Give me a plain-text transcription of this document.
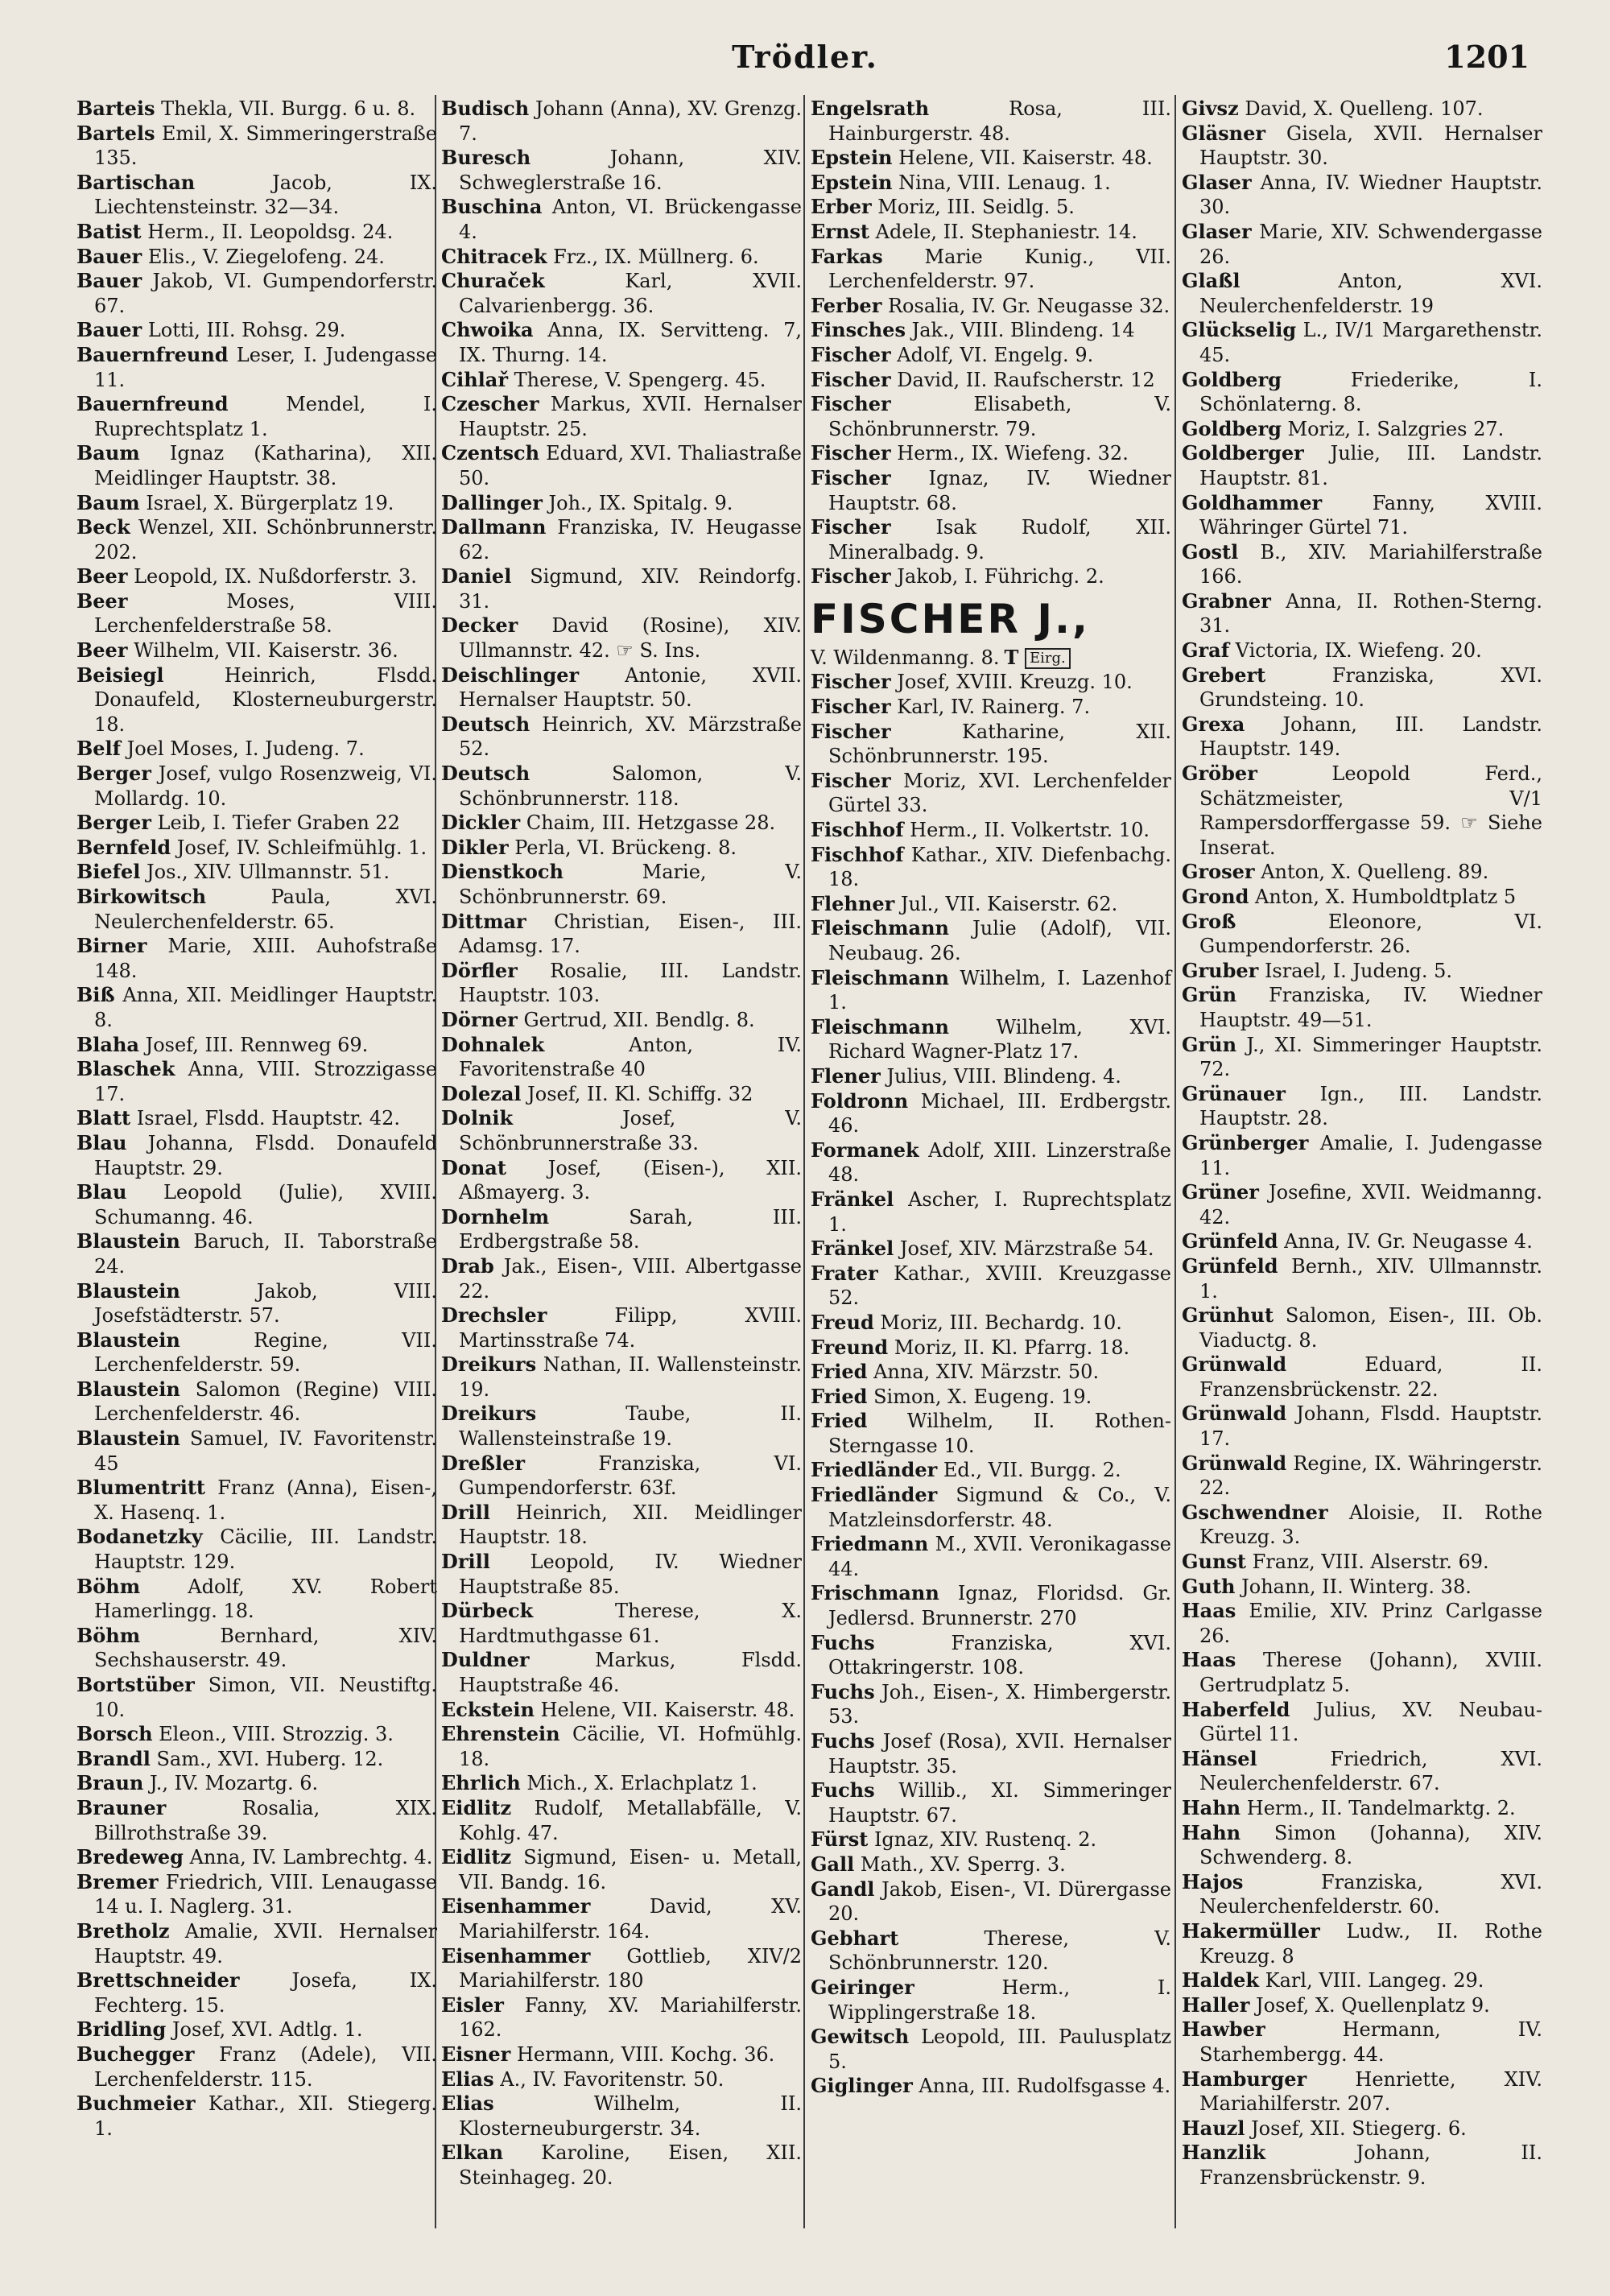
Trödler.	1201

Barteis Thekla, VII. Burgg. 6 u. 8.

Bartels Emil, X. Simmeringerstraße 135.

Bartischan	Jacob, IX. Liechtensteinstr. 32—34.

Batist Herm., II. Leopoldsg. 24.

Bauer Elis., V. Ziegelofeng. 24.

Bauer Jakob, VI. Gumpendorferstr. 67.

Bauer Lotti, III. Rohsg. 29.

Bauernfreund Leser, I. Judengasse 11.

Bauernfreund	Mendel, I. Ruprechtsplatz 1.

Baum Ignaz (Katharina), XII. Meidlinger Hauptstr. 38.

Baum Israel, X. Bürgerplatz 19.

Beck Wenzel, XII. Schönbrunnerstr. 202.

Beer Leopold, IX. Nußdorferstr. 3.

Beer	Moses, VIII. Lerchenfelderstraße 58.

Beer Wilhelm, VII. Kaiserstr. 36.

Beisiegl	Heinrich, Flsdd. Donaufeld, Klosterneuburgerstr. 18.

Belf Joel Moses, I. Judeng. 7.

Berger Josef, vulgo Rosenzweig, VI. Mollardg. 10.

Berger Leib, I. Tiefer Graben 22

Bernfeld Josef, IV. Schleifmühlg. 1.

Biefel Jos., XIV. Ullmannstr. 51.

Birkowitsch	Paula, XVI. Neulerchenfelderstr. 65.

Birner Marie, XIII. Auhofstraße 148.

Biß Anna, XII. Meidlinger Hauptstr. 8.

Blaha Josef, III. Rennweg 69.

Blaschek Anna, VIII. Strozzigasse 17.

Blatt Israel, Flsdd. Hauptstr. 42.

Blau Johanna, Flsdd. Donaufeld Hauptstr. 29.

Blau Leopold (Julie), XVIII. Schumanng. 46.

Blaustein Baruch, II. Taborstraße 24.

Blaustein	Jakob, VIII. Josefstädterstr. 57.

Blaustein	Regine, VII. Lerchenfelderstr. 59.

Blaustein Salomon (Regine) VIII. Lerchenfelderstr. 46.

Blaustein Samuel, IV. Favoritenstr. 45

Blumentritt Franz (Anna), Eisen-, X. Hasenq. 1.

Bodanetzky Cäcilie, III. Landstr. Hauptstr. 129.

Böhm Adolf, XV. Robert Hamerlingg. 18.

Böhm	Bernhard, XIV. Sechshauserstr. 49.

Bortstüber Simon, VII. Neustiftg. 10.

Borsch Eleon., VIII. Strozzig. 3.

Brandl Sam., XVI. Huberg. 12.

Braun J., IV. Mozartg. 6.

Brauner	Rosalia, XIX. Billrothstraße 39.

Bredeweg Anna, IV. Lambrechtg. 4.

Bremer Friedrich, VIII. Lenaugasse 14 u. I. Naglerg. 31.

Bretholz Amalie, XVII. Hernalser Hauptstr. 49.

Brettschneider	Josefa, IX. Fechterg. 15.

Bridling Josef, XVI. Adtlg. 1.

Buchegger Franz (Adele), VII. Lerchenfelderstr. 115.

Buchmeier Kathar., XII. Stiegerg. 1.

Budisch Johann (Anna), XV. Grenzg. 7.

Buresch	Johann, XIV. Schweglerstraße 16.

Buschina Anton, VI. Brückengasse 4.

Chitracek Frz., IX. Müllnerg. 6.

Churaček	Karl, XVII. Calvarienbergg. 36.

Chwoika Anna, IX. Servitteng. 7, IX. Thurng. 14.

Cihlař Therese, V. Spengerg. 45.

Czescher Markus, XVII. Hernalser Hauptstr. 25.

Czentsch Eduard, XVI. Thaliastraße 50.

Dallinger Joh., IX. Spitalg. 9.

Dallmann Franziska, IV. Heugasse 62.

Daniel Sigmund, XIV. Reindorfg. 31.

Decker David (Rosine), XIV. Ullmannstr. 42. ☞ S. Ins.

Deischlinger Antonie, XVII. Hernalser Hauptstr. 50.

Deutsch Heinrich, XV. Märzstraße 52.

Deutsch	Salomon, V. Schönbrunnerstr. 118.

Dickler Chaim, III. Hetzgasse 28.

Dikler Perla, VI. Brückeng. 8.

Dienstkoch	Marie, V. Schönbrunnerstr. 69.

Dittmar Christian, Eisen-, III. Adamsg. 17.

Dörfler Rosalie, III. Landstr. Hauptstr. 103.

Dörner Gertrud, XII. Bendlg. 8.

Dohnalek	Anton, IV. Favoritenstraße 40

Dolezal Josef, II. Kl. Schiffg. 32

Dolnik	Josef, V. Schönbrunnerstraße 33.

Donat Josef, (Eisen-), XII. Aßmayerg. 3.

Dornhelm	Sarah, III. Erdbergstraße 58.

Drab Jak., Eisen-, VIII. Albertgasse 22.

Drechsler	Filipp, XVIII. Martinsstraße 74.

Dreikurs Nathan, II. Wallensteinstr. 19.

Dreikurs	Taube, II. Wallensteinstraße 19.

Dreßler	Franziska, VI. Gumpendorferstr. 63f.

Drill Heinrich, XII. Meidlinger Hauptstr. 18.

Drill Leopold, IV. Wiedner Hauptstraße 85.

Dürbeck	Therese, X. Hardtmuthgasse 61.

Duldner	Markus, Flsdd. Hauptstraße 46.

Eckstein Helene, VII. Kaiserstr. 48.

Ehrenstein Cäcilie, VI. Hofmühlg. 18.

Ehrlich Mich., X. Erlachplatz 1.

Eidlitz Rudolf, Metallabfälle, V. Kohlg. 47.

Eidlitz Sigmund, Eisen- u. Metall, VII. Bandg. 16.

Eisenhammer	David, XV. Mariahilferstr. 164.

Eisenhammer Gottlieb, XIV/2 Mariahilferstr. 180

Eisler Fanny, XV. Mariahilferstr. 162.

Eisner Hermann, VIII. Kochg. 36.

Elias A., IV. Favoritenstr. 50.

Elias	Wilhelm, II. Klosterneuburgerstr. 34.

Elkan Karoline, Eisen, XII. Steinhageg. 20.

Engelsrath	Rosa, III. Hainburgerstr. 48.

Epstein Helene, VII. Kaiserstr. 48.

Epstein Nina, VIII. Lenaug. 1.

Erber Moriz, III. Seidlg. 5.

Ernst Adele, II. Stephaniestr. 14.

Farkas Marie Kunig., VII. Lerchenfelderstr. 97.

Ferber Rosalia, IV. Gr. Neugasse 32.

Finsches Jak., VIII. Blindeng. 14

Fischer Adolf, VI. Engelg. 9.

Fischer David, II. Raufscherstr. 12

Fischer	Elisabeth, V. Schönbrunnerstr. 79.

Fischer Herm., IX. Wiefeng. 32.

Fischer Ignaz, IV. Wiedner Hauptstr. 68.

Fischer Isak Rudolf, XII. Mineralbadg. 9.

Fischer Jakob, I. Führichg. 2.

FISCHER J.,

V. Wildenmanng. 8. T Eirg.

Fischer Josef, XVIII. Kreuzg. 10.

Fischer Karl, IV. Rainerg. 7.

Fischer	Katharine, XII. Schönbrunnerstr. 195.

Fischer Moriz, XVI. Lerchenfelder Gürtel 33.

Fischhof Herm., II. Volkertstr. 10.

Fischhof Kathar., XIV. Diefenbachg. 18.

Flehner Jul., VII. Kaiserstr. 62.

Fleischmann Julie (Adolf), VII. Neubaug. 26.

Fleischmann Wilhelm, I. Lazenhof 1.

Fleischmann Wilhelm, XVI. Richard Wagner-Platz 17.

Flener Julius, VIII. Blindeng. 4.

Foldronn Michael, III. Erdbergstr. 46.

Formanek Adolf, XIII. Linzerstraße 48.

Fränkel Ascher, I. Ruprechtsplatz 1.

Fränkel Josef, XIV. Märzstraße 54.

Frater Kathar., XVIII. Kreuzgasse 52.

Freud Moriz, III. Bechardg. 10.

Freund Moriz, II. Kl. Pfarrg. 18.

Fried Anna, XIV. Märzstr. 50.

Fried Simon, X. Eugeng. 19.

Fried Wilhelm, II. Rothen-Sterngasse 10.

Friedländer Ed., VII. Burgg. 2.

Friedländer Sigmund & Co., V. Matzleinsdorferstr. 48.

Friedmann M., XVII. Veronikagasse 44.

Frischmann Ignaz, Floridsd. Gr. Jedlersd. Brunnerstr. 270

Fuchs	Franziska, XVI. Ottakringerstr. 108.

Fuchs Joh., Eisen-, X. Himbergerstr. 53.

Fuchs Josef (Rosa), XVII. Hernalser Hauptstr. 35.

Fuchs Willib., XI. Simmeringer Hauptstr. 67.

Fürst Ignaz, XIV. Rustenq. 2.

Gall Math., XV. Sperrg. 3.

Gandl Jakob, Eisen-, VI. Dürergasse 20.

Gebhart	Therese, V. Schönbrunnerstr. 120.

Geiringer	Herm., I. Wipplingerstraße 18.

Gewitsch Leopold, III. Paulusplatz 5.

Giglinger Anna, III. Rudolfsgasse 4.

Givsz David, X. Quelleng. 107.

Gläsner Gisela, XVII. Hernalser Hauptstr. 30.

Glaser Anna, IV. Wiedner Hauptstr. 30.

Glaser Marie, XIV. Schwendergasse 26.

Glaßl	Anton, XVI. Neulerchenfelderstr. 19

Glückselig L., IV/1 Margarethenstr. 45.

Goldberg	Friederike, I. Schönlaterng. 8.

Goldberg Moriz, I. Salzgries 27.

Goldberger Julie, III. Landstr. Hauptstr. 81.

Goldhammer	Fanny, XVIII. Währinger Gürtel 71.

Gostl B., XIV. Mariahilferstraße 166.

Grabner Anna, II. Rothen-Sterng. 31.

Graf Victoria, IX. Wiefeng. 20.

Grebert	Franziska, XVI. Grundsteing. 10.

Grexa Johann, III. Landstr. Hauptstr. 149.

Gröber	Leopold Ferd., Schätzmeister, V/1 Rampersdorffergasse 59. ☞ Siehe Inserat.

Groser Anton, X. Quelleng. 89.

Grond Anton, X. Humboldtplatz 5

Groß	Eleonore, VI. Gumpendorferstr. 26.

Gruber Israel, I. Judeng. 5.

Grün Franziska, IV. Wiedner Hauptstr. 49—51.

Grün J., XI. Simmeringer Hauptstr. 72.

Grünauer Ign., III. Landstr. Hauptstr. 28.

Grünberger Amalie, I. Judengasse 11.

Grüner Josefine, XVII. Weidmanng. 42.

Grünfeld Anna, IV. Gr. Neugasse 4.

Grünfeld Bernh., XIV. Ullmannstr. 1.

Grünhut Salomon, Eisen-, III. Ob. Viaductg. 8.

Grünwald	Eduard, II. Franzensbrückenstr. 22.

Grünwald Johann, Flsdd. Hauptstr. 17.

Grünwald Regine, IX. Währingerstr. 22.

Gschwendner Aloisie, II. Rothe Kreuzg. 3.

Gunst Franz, VIII. Alserstr. 69.

Guth Johann, II. Winterg. 38.

Haas Emilie, XIV. Prinz Carlgasse 26.

Haas Therese (Johann), XVIII. Gertrudplatz 5.

Haberfeld Julius, XV. Neubau-Gürtel 11.

Hänsel	Friedrich, XVI. Neulerchenfelderstr. 67.

Hahn Herm., II. Tandelmarktg. 2.

Hahn Simon (Johanna), XIV. Schwenderg. 8.

Hajos	Franziska, XVI. Neulerchenfelderstr. 60.

Hakermüller Ludw., II. Rothe Kreuzg. 8

Haldek Karl, VIII. Langeg. 29.

Haller Josef, X. Quellenplatz 9.

Hawber	Hermann, IV. Starhembergg. 44.

Hamburger	Henriette, XIV. Mariahilferstr. 207.

Hauzl Josef, XII. Stiegerg. 6.

Hanzlik	Johann, II. Franzensbrückenstr. 9.
